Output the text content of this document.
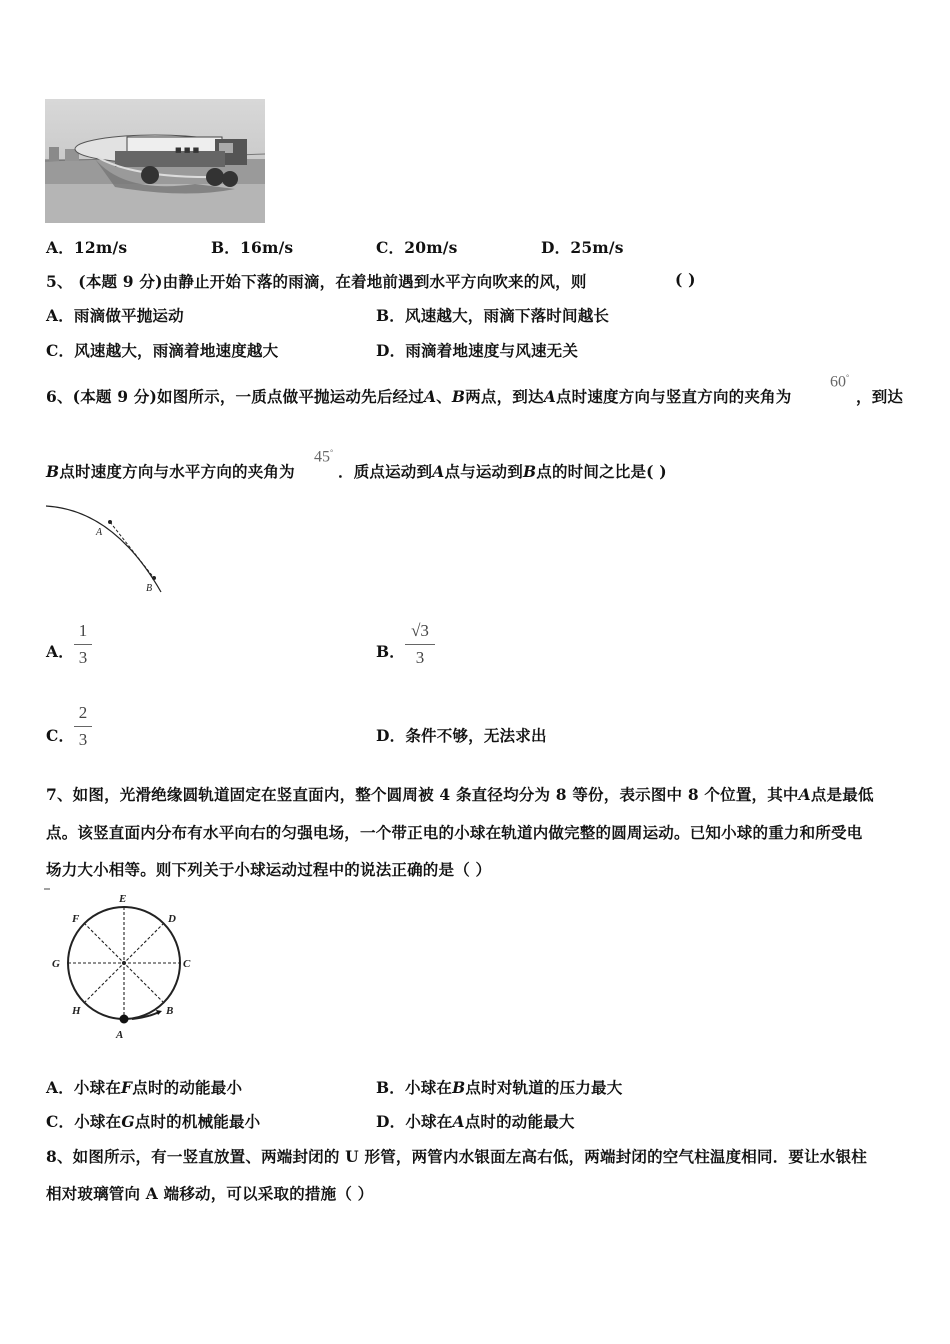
■ ■ ■
A．12m/s	B．16m/s	C．20m/s	D．25m/s
5、 (本题 9 分)由静止开始下落的雨滴，在着地前遇到水平方向吹来的风，则	( )
A．雨滴做平抛运动	B．风速越大，雨滴下落时间越长
C．风速越大，雨滴着地速度越大	D．雨滴着地速度与风速无关
6、(本题 9 分)如图所示，一质点做平抛运动先后经过A、B两点，到达A点时速度方向与竖直方向的夹角为
60°
，到达
B点时速度方向与水平方向的夹角为
45°
．质点运动到A点与运动到B点的时间之比是( )
A
B
A．
1
3	B．
√3
3
C．
2
3	D．条件不够，无法求出
7、如图，光滑绝缘圆轨道固定在竖直面内，整个圆周被 4 条直径均分为 8 等份，表示图中 8 个位置，其中A点是最低
点。该竖直面内分布有水平向右的匀强电场，一个带正电的小球在轨道内做完整的圆周运动。已知小球的重力和所受电
场力大小相等。则下列关于小球运动过程中的说法正确的是（ ）
E
D
F
G	C
H	B
A
A．小球在F点时的动能最小	B．小球在B点时对轨道的压力最大
C．小球在G点时的机械能最小	D．小球在A点时的动能最大
8、如图所示，有一竖直放置、两端封闭的 U 形管，两管内水银面左高右低，两端封闭的空气柱温度相同．要让水银柱
相对玻璃管向 A 端移动，可以采取的措施（ ）
